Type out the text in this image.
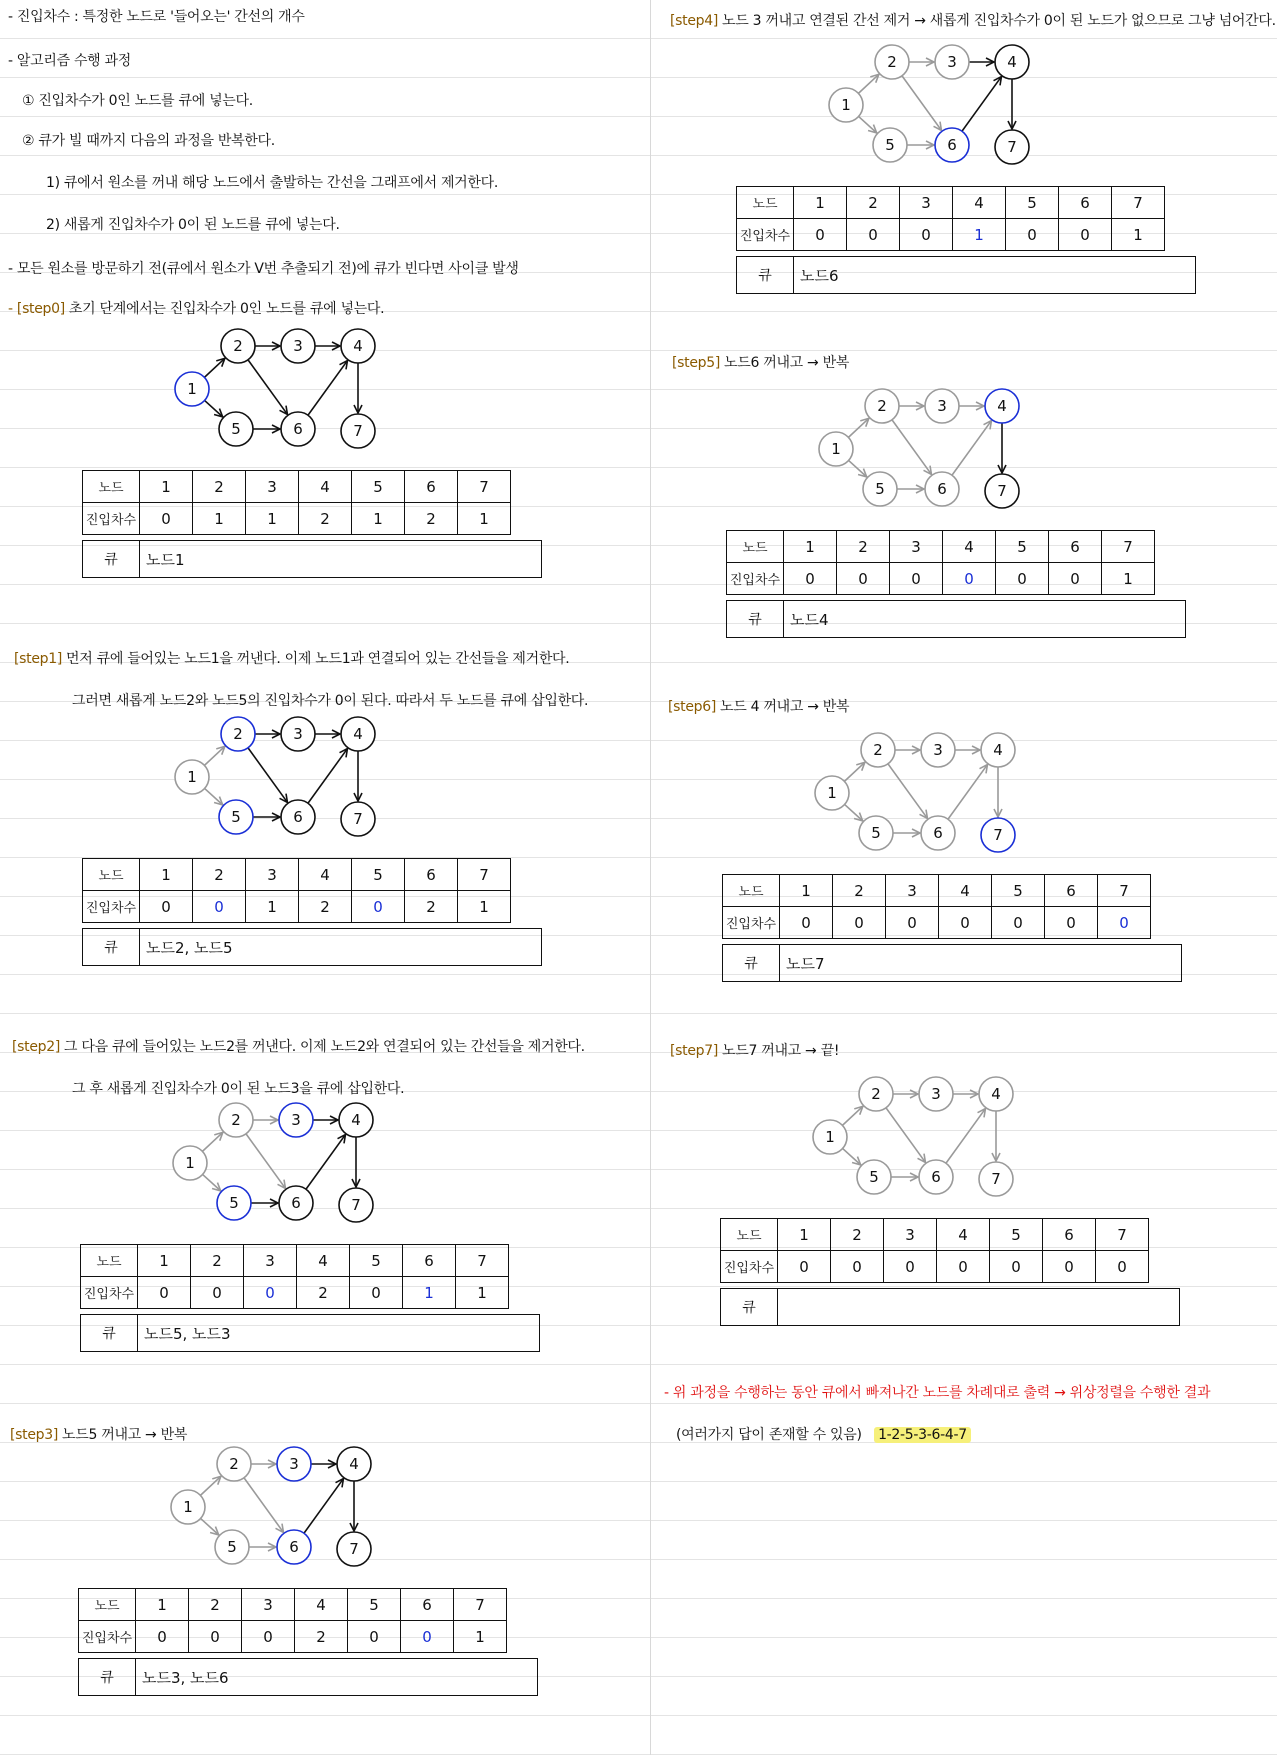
- 진입차수 : 특정한 노드로 '들어오는' 간선의 개수
- 알고리즘 수행 과정
① 진입차수가 0인 노드를 큐에 넣는다.
② 큐가 빌 때까지 다음의 과정을 반복한다.
1) 큐에서 원소를 꺼내 해당 노드에서 출발하는 간선을 그래프에서 제거한다.
2) 새롭게 진입차수가 0이 된 노드를 큐에 넣는다.
- 모든 원소를 방문하기 전(큐에서 원소가 V번 추출되기 전)에 큐가 빈다면 사이클 발생
- [step0] 초기 단계에서는 진입차수가 0인 노드를 큐에 넣는다.
[step1] 먼저 큐에 들어있는 노드1을 꺼낸다. 이제 노드1과 연결되어 있는 간선들을 제거한다.
그러면 새롭게 노드2와 노드5의 진입차수가 0이 된다. 따라서 두 노드를 큐에 삽입한다.
[step2] 그 다음 큐에 들어있는 노드2를 꺼낸다. 이제 노드2와 연결되어 있는 간선들을 제거한다.
그 후 새롭게 진입차수가 0이 된 노드3을 큐에 삽입한다.
[step3] 노드5 꺼내고 → 반복
[step4] 노드 3 꺼내고 연결된 간선 제거 → 새롭게 진입차수가 0이 된 노드가 없으므로 그냥 넘어간다.
[step5] 노드6 꺼내고 → 반복
[step6] 노드 4 꺼내고 → 반복
[step7] 노드7 꺼내고 → 끝!
- 위 과정을 수행하는 동안 큐에서 빠져나간 노드를 차례대로 출력 → 위상정렬을 수행한 결과
(여러가지 답이 존재할 수 있음) 1-2-5-3-6-4-7
1
2	3	4
5	6	7
노드	1	2	3	4	5	6	7
진입차수	0	1	1	2	1	2	1
큐	노드1
1
2	3	4
5	6	7
노드	1	2	3	4	5	6	7
진입차수	0	0	1	2	0	2	1
큐	노드2, 노드5
1
2	3	4
5	6	7
노드	1	2	3	4	5	6	7
진입차수	0	0	0	2	0	1	1
큐	노드5, 노드3
1
2	3	4
5	6	7
노드	1	2	3	4	5	6	7
진입차수	0	0	0	2	0	0	1
큐	노드3, 노드6
1
2	3	4
5	6	7
노드	1	2	3	4	5	6	7
진입차수	0	0	0	1	0	0	1
큐	노드6
1
2	3	4
5	6	7
노드	1	2	3	4	5	6	7
진입차수	0	0	0	0	0	0	1
큐	노드4
1
2	3	4
5	6	7
노드	1	2	3	4	5	6	7
진입차수	0	0	0	0	0	0	0
큐	노드7
1
2	3	4
5	6	7
노드	1	2	3	4	5	6	7
진입차수	0	0	0	0	0	0	0
큐
